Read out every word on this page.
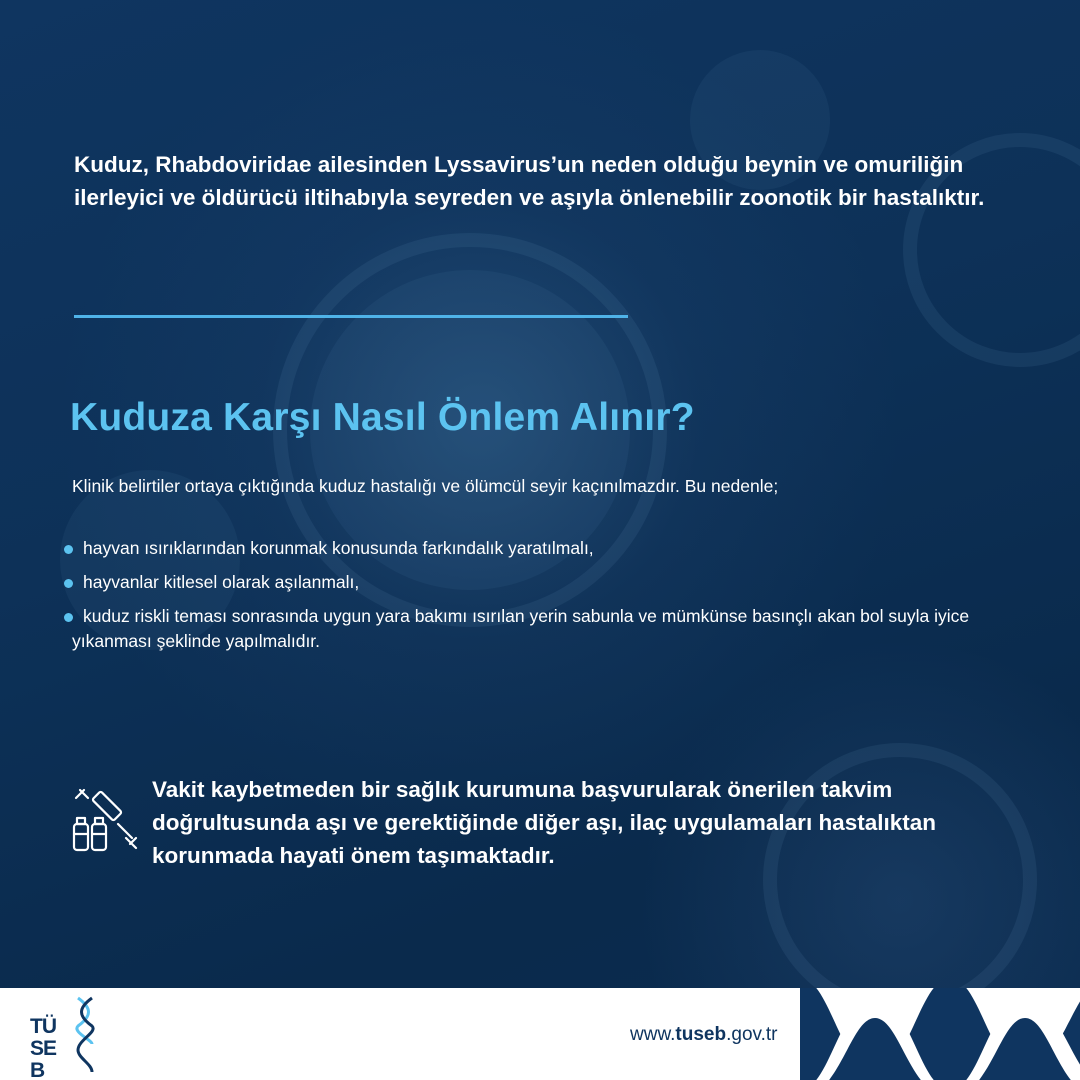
Kuduz, Rhabdoviridae ailesinden Lyssavirus’un neden olduğu beynin ve omuriliğin ilerleyici ve öldürücü iltihabıyla seyreden ve aşıyla önlenebilir zoonotik bir hastalıktır.

Kuduza Karşı Nasıl Önlem Alınır?

Klinik belirtiler ortaya çıktığında kuduz hastalığı ve ölümcül seyir kaçınılmazdır. Bu nedenle;

hayvan ısırıklarından korunmak konusunda farkındalık yaratılmalı,
hayvanlar kitlesel olarak aşılanmalı,
kuduz riskli teması sonrasında uygun yara bakımı ısırılan yerin sabunla ve mümkünse basınçlı akan bol suyla iyice yıkanması şeklinde yapılmalıdır.

Vakit kaybetmeden bir sağlık kurumuna başvurularak önerilen takvim doğrultusunda aşı ve gerektiğinde diğer aşı, ilaç uygulamaları hastalıktan korunmada hayati önem taşımaktadır.

TÜ
SE
B
www.tuseb.gov.tr
